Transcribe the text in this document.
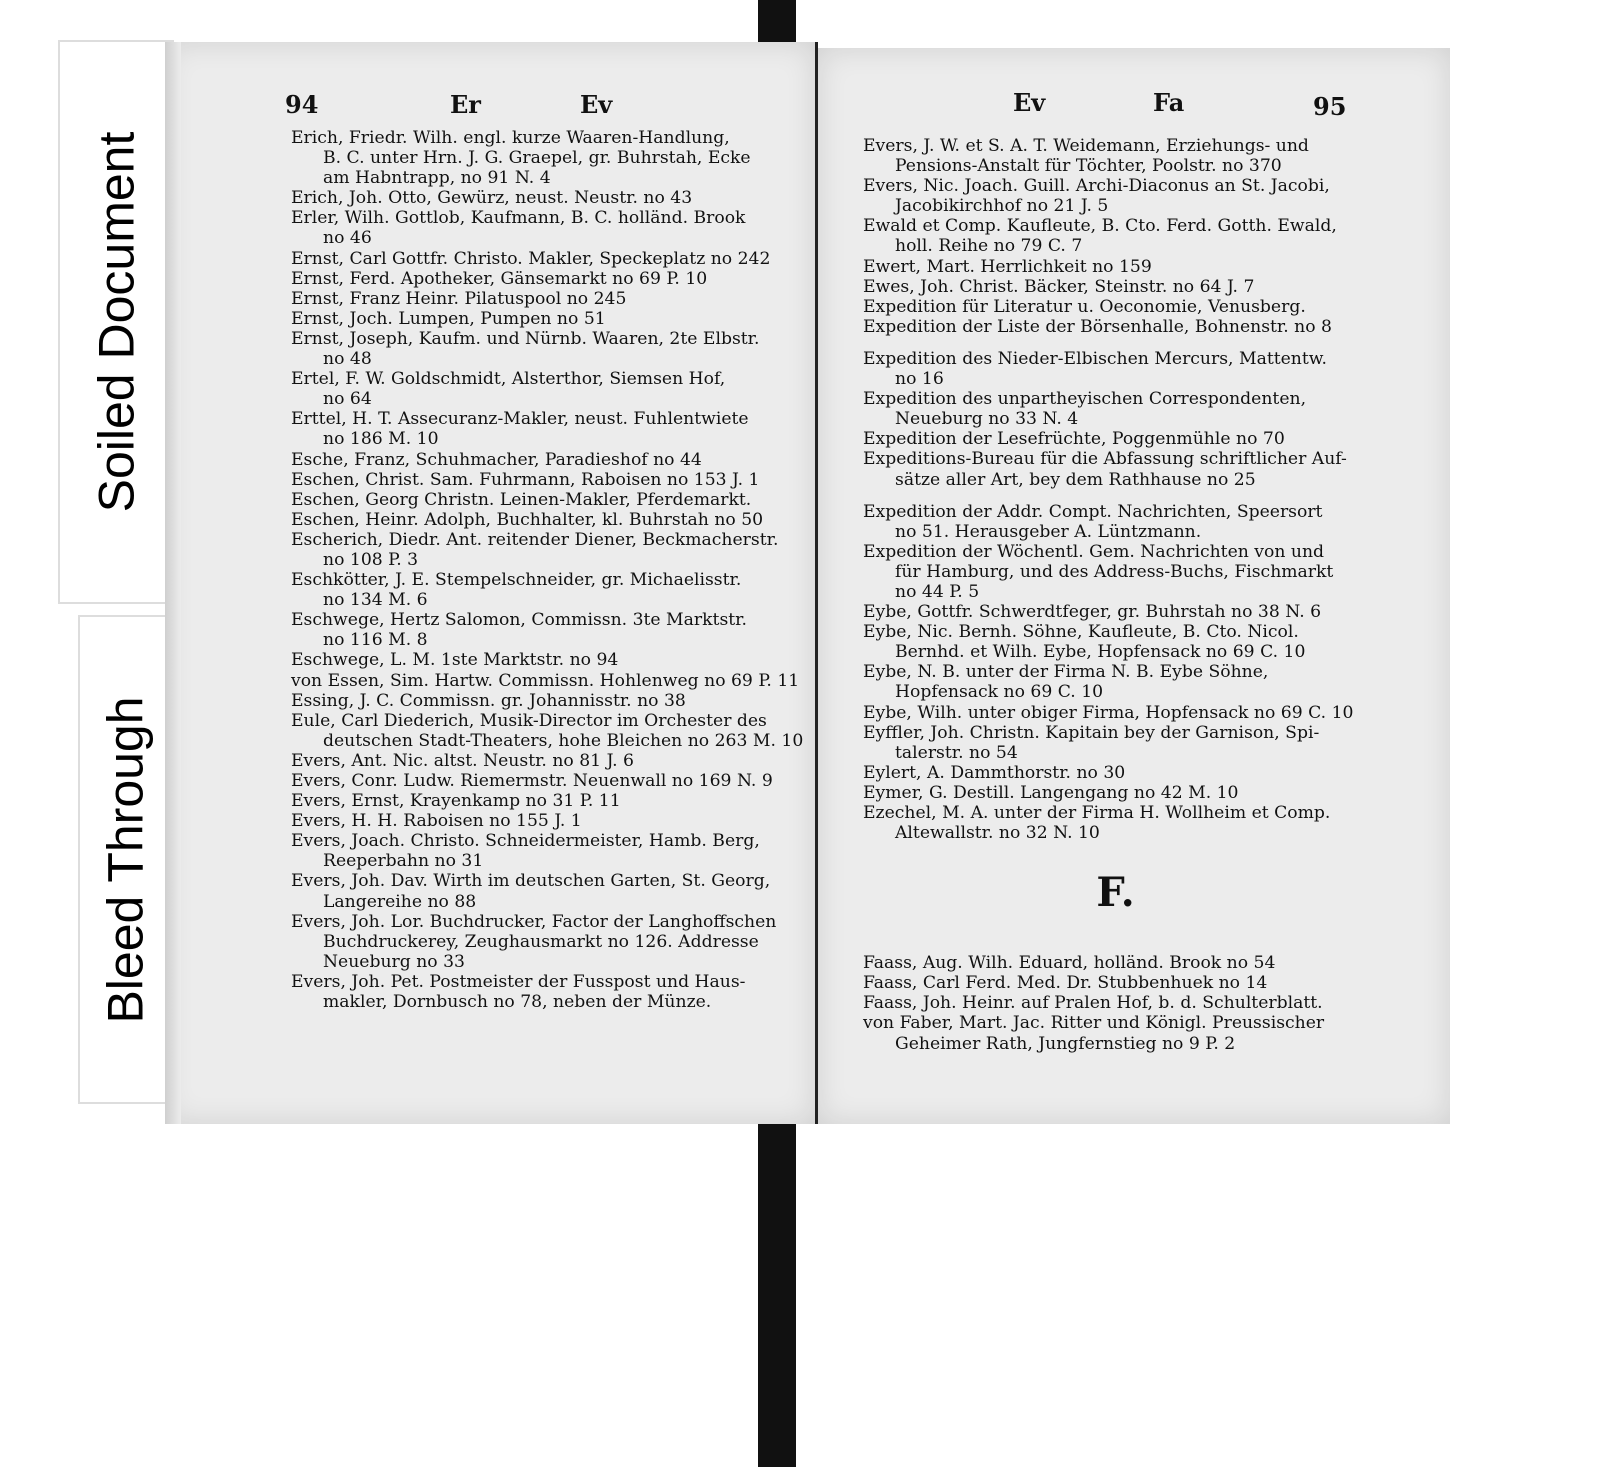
Soiled Document
Bleed Through
94	Er	Ev
Erich, Friedr. Wilh. engl. kurze Waaren-Handlung,
B. C. unter Hrn. J. G. Graepel, gr. Buhrstah, Ecke
am Habntrapp, no 91 N. 4
Erich, Joh. Otto, Gewürz, neust. Neustr. no 43
Erler, Wilh. Gottlob, Kaufmann, B. C. holländ. Brook
no 46
Ernst, Carl Gottfr. Christo. Makler, Speckeplatz no 242
Ernst, Ferd. Apotheker, Gänsemarkt no 69 P. 10
Ernst, Franz Heinr. Pilatuspool no 245
Ernst, Joch. Lumpen, Pumpen no 51
Ernst, Joseph, Kaufm. und Nürnb. Waaren, 2te Elbstr.
no 48
Ertel, F. W. Goldschmidt, Alsterthor, Siemsen Hof,
no 64
Erttel, H. T. Assecuranz-Makler, neust. Fuhlentwiete
no 186 M. 10
Esche, Franz, Schuhmacher, Paradieshof no 44
Eschen, Christ. Sam. Fuhrmann, Raboisen no 153 J. 1
Eschen, Georg Christn. Leinen-Makler, Pferdemarkt.
Eschen, Heinr. Adolph, Buchhalter, kl. Buhrstah no 50
Escherich, Diedr. Ant. reitender Diener, Beckmacherstr.
no 108 P. 3
Eschkötter, J. E. Stempelschneider, gr. Michaelisstr.
no 134 M. 6
Eschwege, Hertz Salomon, Commissn. 3te Marktstr.
no 116 M. 8
Eschwege, L. M. 1ste Marktstr. no 94
von Essen, Sim. Hartw. Commissn. Hohlenweg no 69 P. 11
Essing, J. C. Commissn. gr. Johannisstr. no 38
Eule, Carl Diederich, Musik-Director im Orchester des
deutschen Stadt-Theaters, hohe Bleichen no 263 M. 10
Evers, Ant. Nic. altst. Neustr. no 81 J. 6
Evers, Conr. Ludw. Riemermstr. Neuenwall no 169 N. 9
Evers, Ernst, Krayenkamp no 31 P. 11
Evers, H. H. Raboisen no 155 J. 1
Evers, Joach. Christo. Schneidermeister, Hamb. Berg,
Reeperbahn no 31
Evers, Joh. Dav. Wirth im deutschen Garten, St. Georg,
Langereihe no 88
Evers, Joh. Lor. Buchdrucker, Factor der Langhoffschen
Buchdruckerey, Zeughausmarkt no 126. Addresse
Neueburg no 33
Evers, Joh. Pet. Postmeister der Fusspost und Haus-
makler, Dornbusch no 78, neben der Münze.
Ev	Fa	95
Evers, J. W. et S. A. T. Weidemann, Erziehungs- und
Pensions-Anstalt für Töchter, Poolstr. no 370
Evers, Nic. Joach. Guill. Archi-Diaconus an St. Jacobi,
Jacobikirchhof no 21 J. 5
Ewald et Comp. Kaufleute, B. Cto. Ferd. Gotth. Ewald,
holl. Reihe no 79 C. 7
Ewert, Mart. Herrlichkeit no 159
Ewes, Joh. Christ. Bäcker, Steinstr. no 64 J. 7
Expedition für Literatur u. Oeconomie, Venusberg.
Expedition der Liste der Börsenhalle, Bohnenstr. no 8
Expedition des Nieder-Elbischen Mercurs, Mattentw.
no 16
Expedition des unpartheyischen Correspondenten,
Neueburg no 33 N. 4
Expedition der Lesefrüchte, Poggenmühle no 70
Expeditions-Bureau für die Abfassung schriftlicher Auf-
sätze aller Art, bey dem Rathhause no 25
Expedition der Addr. Compt. Nachrichten, Speersort
no 51. Herausgeber A. Lüntzmann.
Expedition der Wöchentl. Gem. Nachrichten von und
für Hamburg, und des Address-Buchs, Fischmarkt
no 44 P. 5
Eybe, Gottfr. Schwerdtfeger, gr. Buhrstah no 38 N. 6
Eybe, Nic. Bernh. Söhne, Kaufleute, B. Cto. Nicol.
Bernhd. et Wilh. Eybe, Hopfensack no 69 C. 10
Eybe, N. B. unter der Firma N. B. Eybe Söhne,
Hopfensack no 69 C. 10
Eybe, Wilh. unter obiger Firma, Hopfensack no 69 C. 10
Eyffler, Joh. Christn. Kapitain bey der Garnison, Spi-
talerstr. no 54
Eylert, A. Dammthorstr. no 30
Eymer, G. Destill. Langengang no 42 M. 10
Ezechel, M. A. unter der Firma H. Wollheim et Comp.
Altewallstr. no 32 N. 10
F.
Faass, Aug. Wilh. Eduard, holländ. Brook no 54
Faass, Carl Ferd. Med. Dr. Stubbenhuek no 14
Faass, Joh. Heinr. auf Pralen Hof, b. d. Schulterblatt.
von Faber, Mart. Jac. Ritter und Königl. Preussischer
Geheimer Rath, Jungfernstieg no 9 P. 2
